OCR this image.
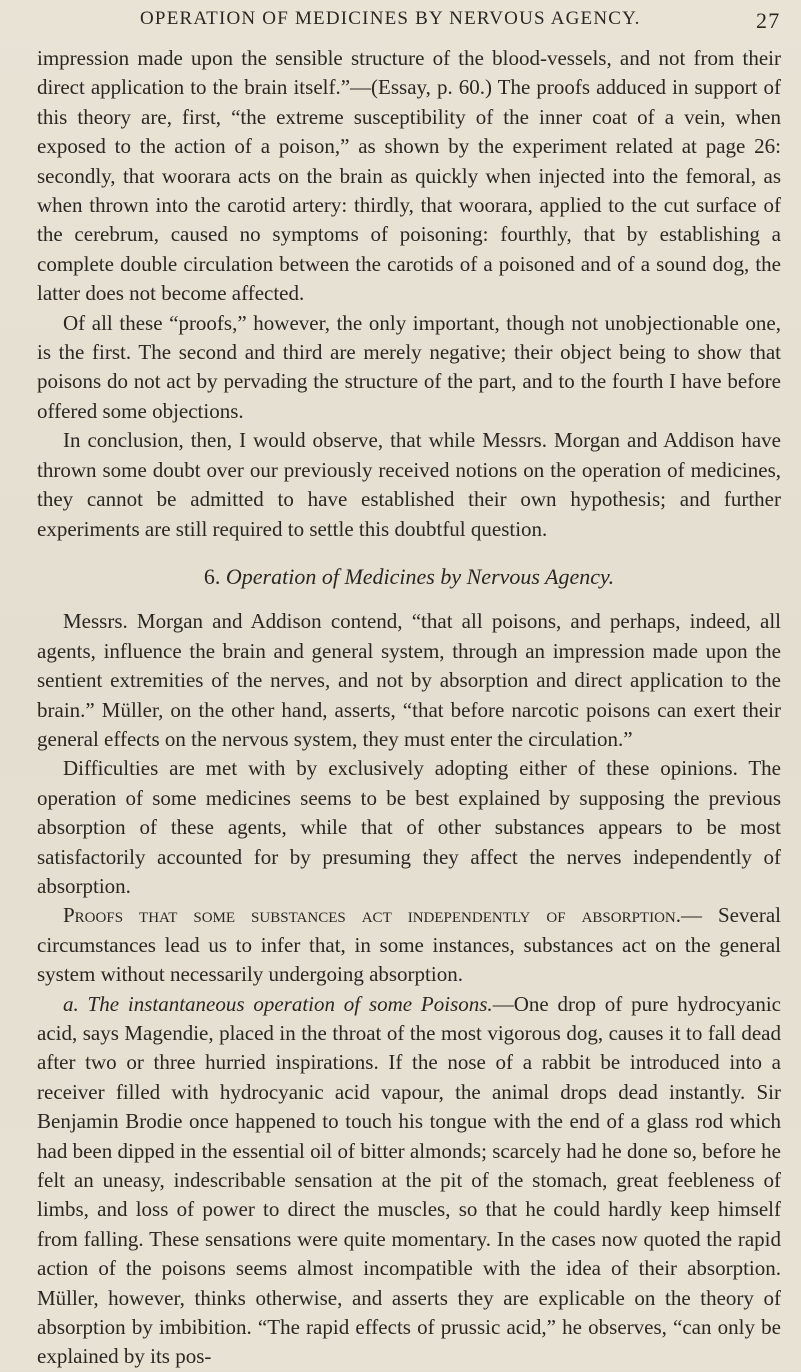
OPERATION OF MEDICINES BY NERVOUS AGENCY.	27

impression made upon the sensible structure of the blood-vessels, and not from their direct application to the brain itself.”—(Essay, p. 60.) The proofs adduced in support of this theory are, first, “the extreme susceptibility of the inner coat of a vein, when exposed to the action of a poison,” as shown by the experiment related at page 26: secondly, that woorara acts on the brain as quickly when injected into the femoral, as when thrown into the carotid artery: thirdly, that woorara, applied to the cut surface of the cerebrum, caused no symptoms of poisoning: fourthly, that by establishing a complete double circulation between the carotids of a poisoned and of a sound dog, the latter does not become affected.

Of all these “proofs,” however, the only important, though not unobjectionable one, is the first. The second and third are merely negative; their object being to show that poisons do not act by pervading the structure of the part, and to the fourth I have before offered some objections.

In conclusion, then, I would observe, that while Messrs. Morgan and Addison have thrown some doubt over our previously received notions on the operation of medicines, they cannot be admitted to have established their own hypothesis; and further experiments are still required to settle this doubtful question.

6. Operation of Medicines by Nervous Agency.

Messrs. Morgan and Addison contend, “that all poisons, and perhaps, indeed, all agents, influence the brain and general system, through an impression made upon the sentient extremities of the nerves, and not by absorption and direct application to the brain.” Müller, on the other hand, asserts, “that before narcotic poisons can exert their general effects on the nervous system, they must enter the circulation.”

Difficulties are met with by exclusively adopting either of these opinions. The operation of some medicines seems to be best explained by supposing the previous absorption of these agents, while that of other substances appears to be most satisfactorily accounted for by presuming they affect the nerves independently of absorption.

Proofs that some substances act independently of absorption.— Several circumstances lead us to infer that, in some instances, substances act on the general system without necessarily undergoing absorption.

a. The instantaneous operation of some Poisons.—One drop of pure hydrocyanic acid, says Magendie, placed in the throat of the most vigorous dog, causes it to fall dead after two or three hurried inspirations. If the nose of a rabbit be introduced into a receiver filled with hydrocyanic acid vapour, the animal drops dead instantly. Sir Benjamin Brodie once happened to touch his tongue with the end of a glass rod which had been dipped in the essential oil of bitter almonds; scarcely had he done so, before he felt an uneasy, indescribable sensation at the pit of the stomach, great feebleness of limbs, and loss of power to direct the muscles, so that he could hardly keep himself from falling. These sensations were quite momentary. In the cases now quoted the rapid action of the poisons seems almost incompatible with the idea of their absorption. Müller, however, thinks otherwise, and asserts they are explicable on the theory of absorption by imbibition. “The rapid effects of prussic acid,” he observes, “can only be explained by its pos-
